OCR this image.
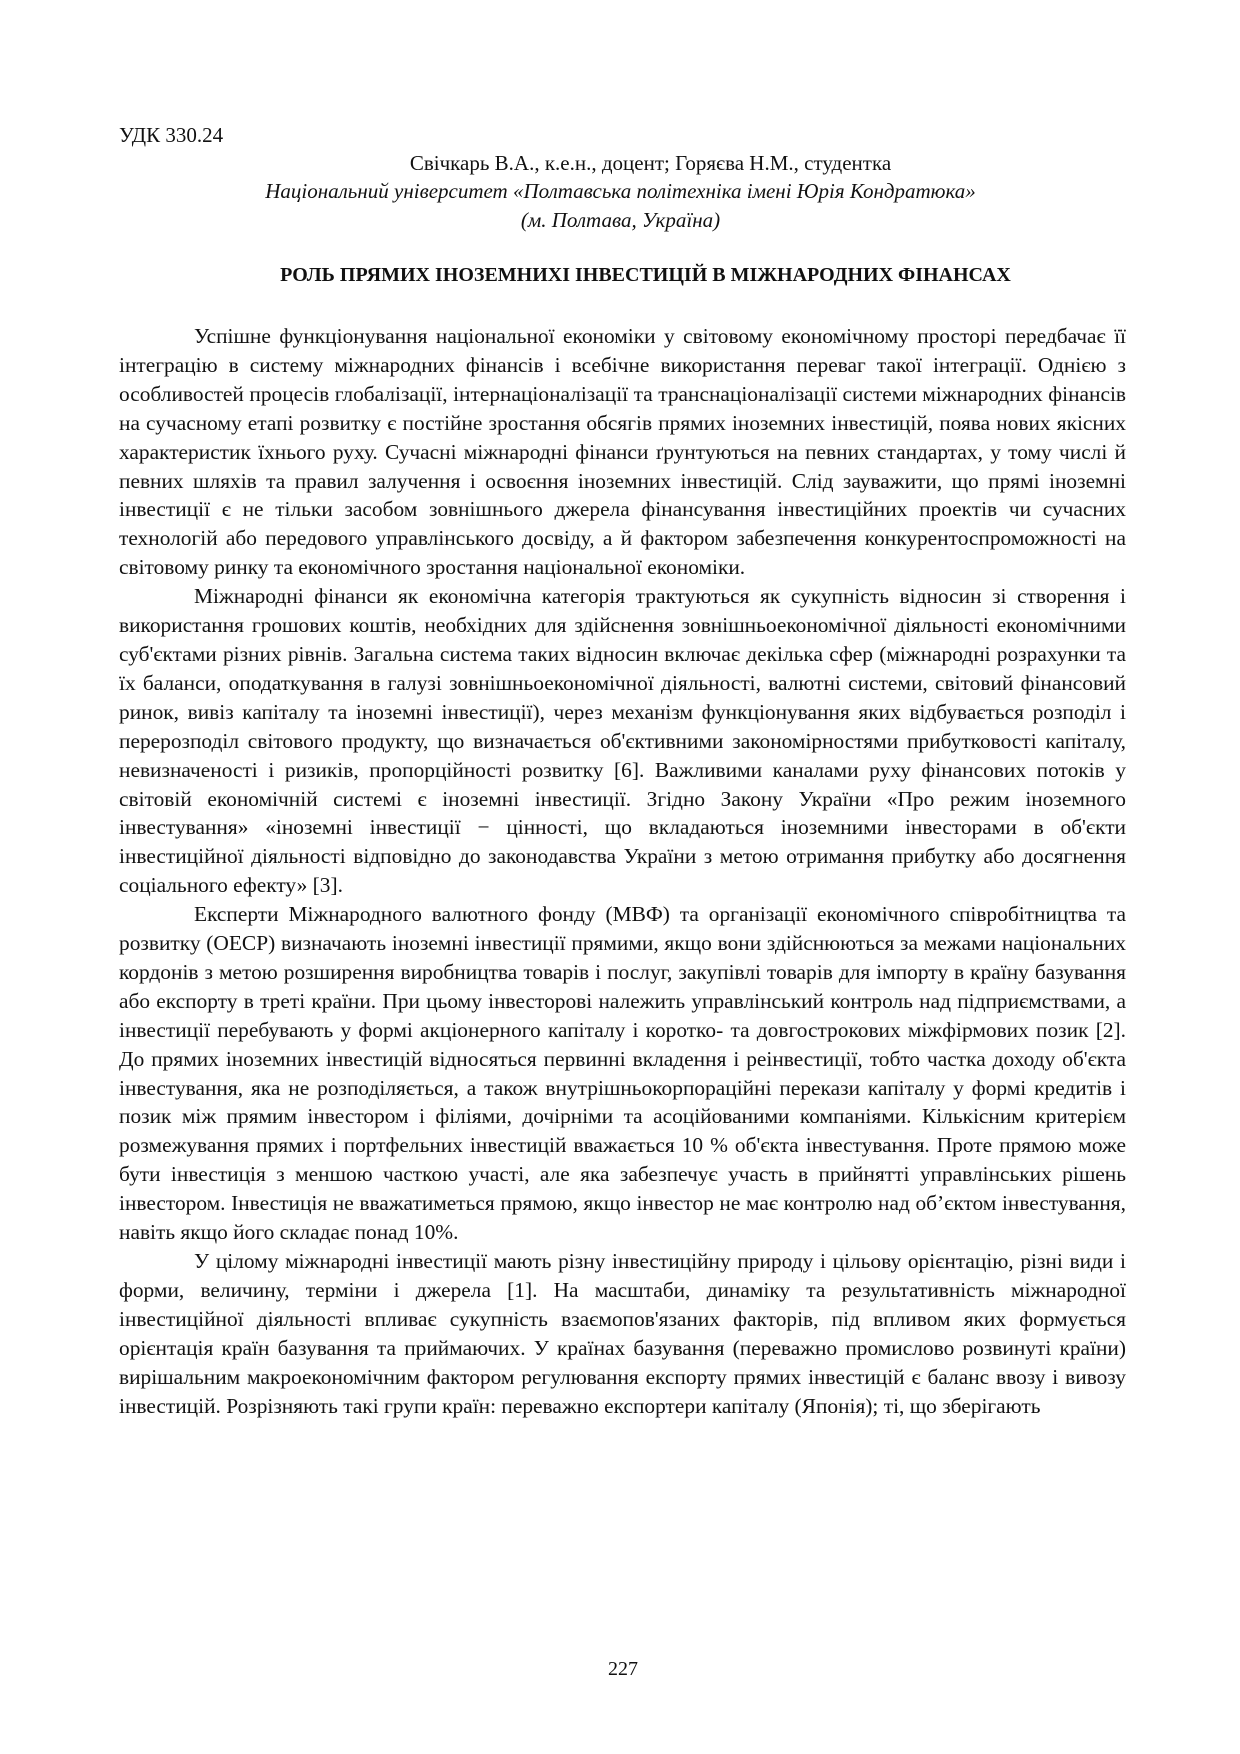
УДК 330.24
Свічкарь В.А., к.е.н., доцент; Горяєва Н.М., студентка
Національний університет «Полтавська політехніка імені Юрія Кондратюка»
(м. Полтава, Україна)
РОЛЬ ПРЯМИХ ІНОЗЕМНИХІ ІНВЕСТИЦІЙ В МІЖНАРОДНИХ ФІНАНСАХ

Успішне функціонування національної економіки у світовому економічному просторі передбачає її інтеграцію в систему міжнародних фінансів і всебічне використання переваг такої інтеграції. Однією з особливостей процесів глобалізації, інтернаціоналізації та транснаціоналізації системи міжнародних фінансів на сучасному етапі розвитку є постійне зростання обсягів прямих іноземних інвестицій, поява нових якісних характеристик їхнього руху. Сучасні міжнародні фінанси ґрунтуються на певних стандартах, у тому числі й певних шляхів та правил залучення і освоєння іноземних інвестицій. Слід зауважити, що прямі іноземні інвестиції є не тільки засобом зовнішнього джерела фінансування інвестиційних проектів чи сучасних технологій або передового управлінського досвіду, а й фактором забезпечення конкурентоспроможності на світовому ринку та економічного зростання національної економіки.

Міжнародні фінанси як економічна категорія трактуються як сукупність відносин зі створення і використання грошових коштів, необхідних для здійснення зовнішньоекономічної діяльності економічними суб'єктами різних рівнів. Загальна система таких відносин включає декілька сфер (міжнародні розрахунки та їх баланси, оподаткування в галузі зовнішньоекономічної діяльності, валютні системи, світовий фінансовий ринок, вивіз капіталу та іноземні інвестиції), через механізм функціонування яких відбувається розподіл і перерозподіл світового продукту, що визначається об'єктивними закономірностями прибутковості капіталу, невизначеності і ризиків, пропорційності розвитку [6]. Важливими каналами руху фінансових потоків у світовій економічній системі є іноземні інвестиції. Згідно Закону України «Про режим іноземного інвестування» «іноземні інвестиції − цінності, що вкладаються іноземними інвесторами в об'єкти інвестиційної діяльності відповідно до законодавства України з метою отримання прибутку або досягнення соціального ефекту» [3].

Експерти Міжнародного валютного фонду (МВФ) та організації економічного співробітництва та розвитку (ОЕСР) визначають іноземні інвестиції прямими, якщо вони здійснюються за межами національних кордонів з метою розширення виробництва товарів і послуг, закупівлі товарів для імпорту в країну базування або експорту в треті країни. При цьому інвесторові належить управлінський контроль над підприємствами, а інвестиції перебувають у формі акціонерного капіталу і коротко- та довгострокових міжфірмових позик [2]. До прямих іноземних інвестицій відносяться первинні вкладення і реінвестиції, тобто частка доходу об'єкта інвестування, яка не розподіляється, а також внутрішньокорпораційні перекази капіталу у формі кредитів і позик між прямим інвестором і філіями, дочірніми та асоційованими компаніями. Кількісним критерієм розмежування прямих і портфельних інвестицій вважається 10 % об'єкта інвестування. Проте прямою може бути інвестиція з меншою часткою участі, але яка забезпечує участь в прийнятті управлінських рішень інвестором. Інвестиція не вважатиметься прямою, якщо інвестор не має контролю над об’єктом інвестування, навіть якщо його складає понад 10%.

У цілому міжнародні інвестиції мають різну інвестиційну природу і цільову орієнтацію, різні види і форми, величину, терміни і джерела [1]. На масштаби, динаміку та результативність міжнародної інвестиційної діяльності впливає сукупність взаємопов'язаних факторів, під впливом яких формується орієнтація країн базування та приймаючих. У країнах базування (переважно промислово розвинуті країни) вирішальним макроекономічним фактором регулювання експорту прямих інвестицій є баланс ввозу і вивозу інвестицій. Розрізняють такі групи країн: переважно експортери капіталу (Японія); ті, що зберігають

227
